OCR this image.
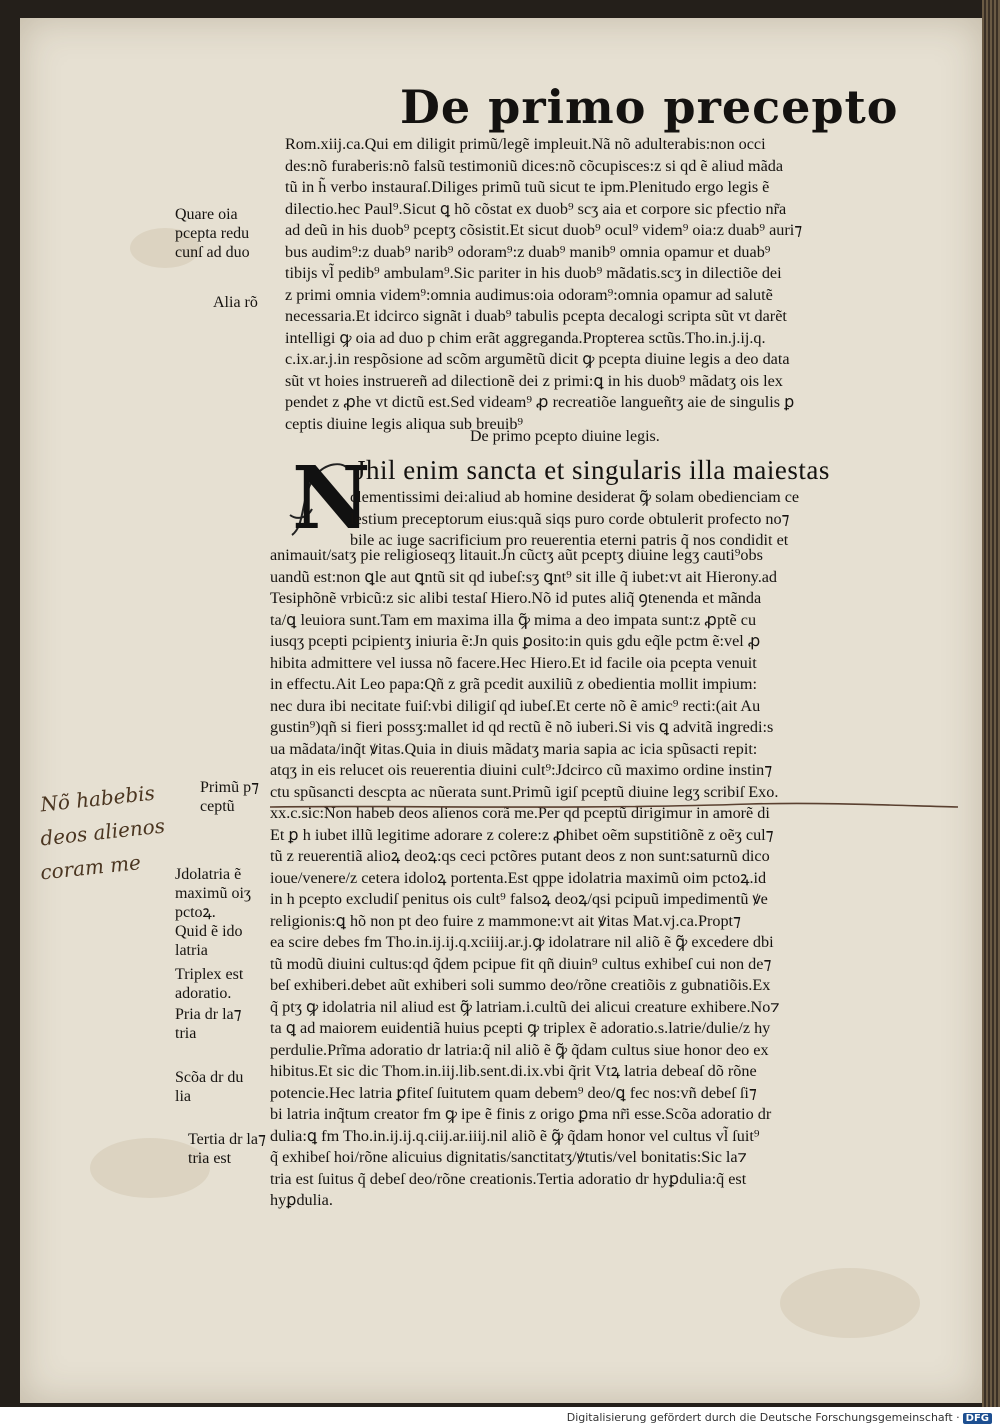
De primo precepto
Rom.xiij.ca.Qui em diligit primũ/legẽ impleuit.Nã nõ adulterabis:non occi
des:nõ furaberis:nõ falsũ testimoniũ dices:nõ cõcupisces:z si qd ẽ aliud mãda
tũ in h̃ verbo instauraſ.Diliges primũ tuũ sicut te ipm.Plenitudo ergo legis ẽ
dilectio.hec Paul⁹.Sicut ꝗ hõ cõstat ex duob⁹ scʒ aia et corpore sic pfectio nr̃a
ad deũ in his duob⁹ pceptʒ cõsistit.Et sicut duob⁹ ocul⁹ videm⁹ oia:z duab⁹ auri⁊
bus audim⁹:z duab⁹ narib⁹ odoram⁹:z duab⁹ manib⁹ omnia opamur et duab⁹
tibijs vl̃ pedib⁹ ambulam⁹.Sic pariter in his duob⁹ mãdatis.scʒ in dilectiõe dei
z primi omnia videm⁹:omnia audimus:oia odoram⁹:omnia opamur ad salutẽ
necessaria.Et idcirco signãt i duab⁹ tabulis pcepta decalogi scripta sũt vt darẽt
intelligi ꝙ oia ad duo p chim erãt aggreganda.Propterea sctũs.Tho.in.j.ij.q.
c.ix.ar.j.in respõsione ad scõm argumẽtũ dicit ꝙ pcepta diuine legis a deo data
sũt vt hoies instruereñ ad dilectionẽ dei z primi:ꝗ in his duob⁹ mãdatʒ ois lex
pendet z ꝓhe vt dictũ est.Sed videam⁹ ꝓ recreatiõe langueñtʒ aie de singulis ꝑ
ceptis diuine legis aliqua sub breuib⁹
De primo pcepto diuine legis.
N
Jhil enim sancta et singularis illa maiestas
clementissimi dei:aliud ab homine desiderat ꝙ̃ solam obedienciam ce
lestium preceptorum eius:quã siqs puro corde obtulerit profecto no⁊
bile ac iuge sacrificium pro reuerentia eterni patris q̃ nos condidit et
animauit/satʒ pie religioseqʒ litauit.Jn cũctʒ aũt pceptʒ diuine legʒ cauti⁹obs
uandũ est:non ꝗle aut ꝗntũ sit qd iubeſ:sʒ ꝗnt⁹ sit ille q̃ iubet:vt ait Hierony.ad
Tesiphõnẽ vrbicũ:z sic alibi testaſ Hiero.Nõ id putes aliq̃ ꝯtenenda et mãnda
ta/ꝗ leuiora sunt.Tam em maxima illa ꝙ̃ mima a deo impata sunt:z ꝓptẽ cu
iusqʒ pcepti pcipientʒ iniuria ẽ:Jn quis ꝑosito:in quis gdu eq̃le pctm ẽ:vel ꝓ
hibita admittere vel iussa nõ facere.Hec Hiero.Et id facile oia pcepta venuit
in effectu.Ait Leo papa:Qñ z grã pcedit auxiliũ z obedientia mollit impium:
nec dura ibi necitate fuiſ:vbi diligiſ qd iubeſ.Et certe nõ ẽ amic⁹ recti:(ait Au
gustin⁹)qñ si fieri possʒ:mallet id qd rectũ ẽ nõ iuberi.Si vis ꝗ advitã ingredi:s
ua mãdata/inq̃t ꝟitas.Quia in diuis mãdatʒ maria sapia ac icia spũsacti repit:
atqʒ in eis relucet ois reuerentia diuini cult⁹:Jdcirco cũ maximo ordine instin⁊
ctu spũsancti descpta ac nũerata sunt.Primũ igiſ pceptũ diuine legʒ scribiſ Exo.
xx.c.sic:Non habeb deos alienos corã me.Per qd pceptũ dirigimur in amorẽ di
Et ꝑ h iubet illũ legitime adorare z colere:z ꝓhibet oẽm supstitiõnẽ z oẽʒ cul⁊
tũ z reuerentiã alioꝝ deoꝝ:qs ceci pctõres putant deos z non sunt:saturnũ dico
ioue/venere/z cetera idoloꝝ portenta.Est qppe idolatria maximũ oim pctoꝝ.id
in h pcepto excludiſ penitus ois cult⁹ falsoꝝ deoꝝ/qsi pcipuũ impedimentũ ꝟe
religionis:ꝗ hõ non pt deo fuire z mammone:vt ait ꝟitas Mat.vj.ca.Propt⁊
ea scire debes fm Tho.in.ij.ij.q.xciiij.ar.j.ꝙ idolatrare nil aliõ ẽ ꝙ̃ excedere dbi
tũ modũ diuini cultus:qd q̃dem pcipue fit qñ diuin⁹ cultus exhibeſ cui non de⁊
beſ exhiberi.debet aũt exhiberi soli summo deo/rõne creatiõis z gubnatiõis.Ex
q̃ ptʒ ꝙ idolatria nil aliud est ꝙ̃ latriam.i.cultũ dei alicui creature exhibere.No⁊
ta ꝗ ad maiorem euidentiã huius pcepti ꝙ triplex ẽ adoratio.s.latrie/dulie/z hy
perdulie.Prĩma adoratio dr latria:q̃ nil aliõ ẽ ꝙ̃ q̃dam cultus siue honor deo ex
hibitus.Et sic dic Thom.in.iij.lib.sent.di.ix.vbi q̃rit Vtꝝ latria debeaſ dõ rõne
potencie.Hec latria ꝑfiteſ ſuitutem quam debem⁹ deo/ꝗ fec nos:vñ debeſ ſi⁊
bi latria inq̃tum creator fm ꝙ ipe ẽ finis z origo ꝑma nr̃i esse.Scõa adoratio dr
dulia:ꝗ fm Tho.in.ij.ij.q.ciij.ar.iiij.nil aliõ ẽ ꝙ̃ q̃dam honor vel cultus vl̃ ſuit⁹
q̃ exhibeſ hoi/rõne alicuius dignitatis/sanctitatʒ/ꝟtutis/vel bonitatis:Sic la⁊
tria est ſuitus q̃ debeſ deo/rõne creationis.Tertia adoratio dr hyꝑdulia:q̃ est
hyꝑdulia.
Quare oia
pcepta redu
cunſ ad duo
Alia rõ
Primũ p⁊
ceptũ
Jdolatria ẽ
maximũ oiʒ
pctoꝝ.
Quid ẽ ido
latria
Triplex est
adoratio.
Pria dr la⁊
tria
Scõa dr du
lia
Tertia dr la⁊
tria est
Nõ habebis
deos alienos
coram me
Digitalisierung gefördert durch die Deutsche Forschungsgemeinschaft · DFG
